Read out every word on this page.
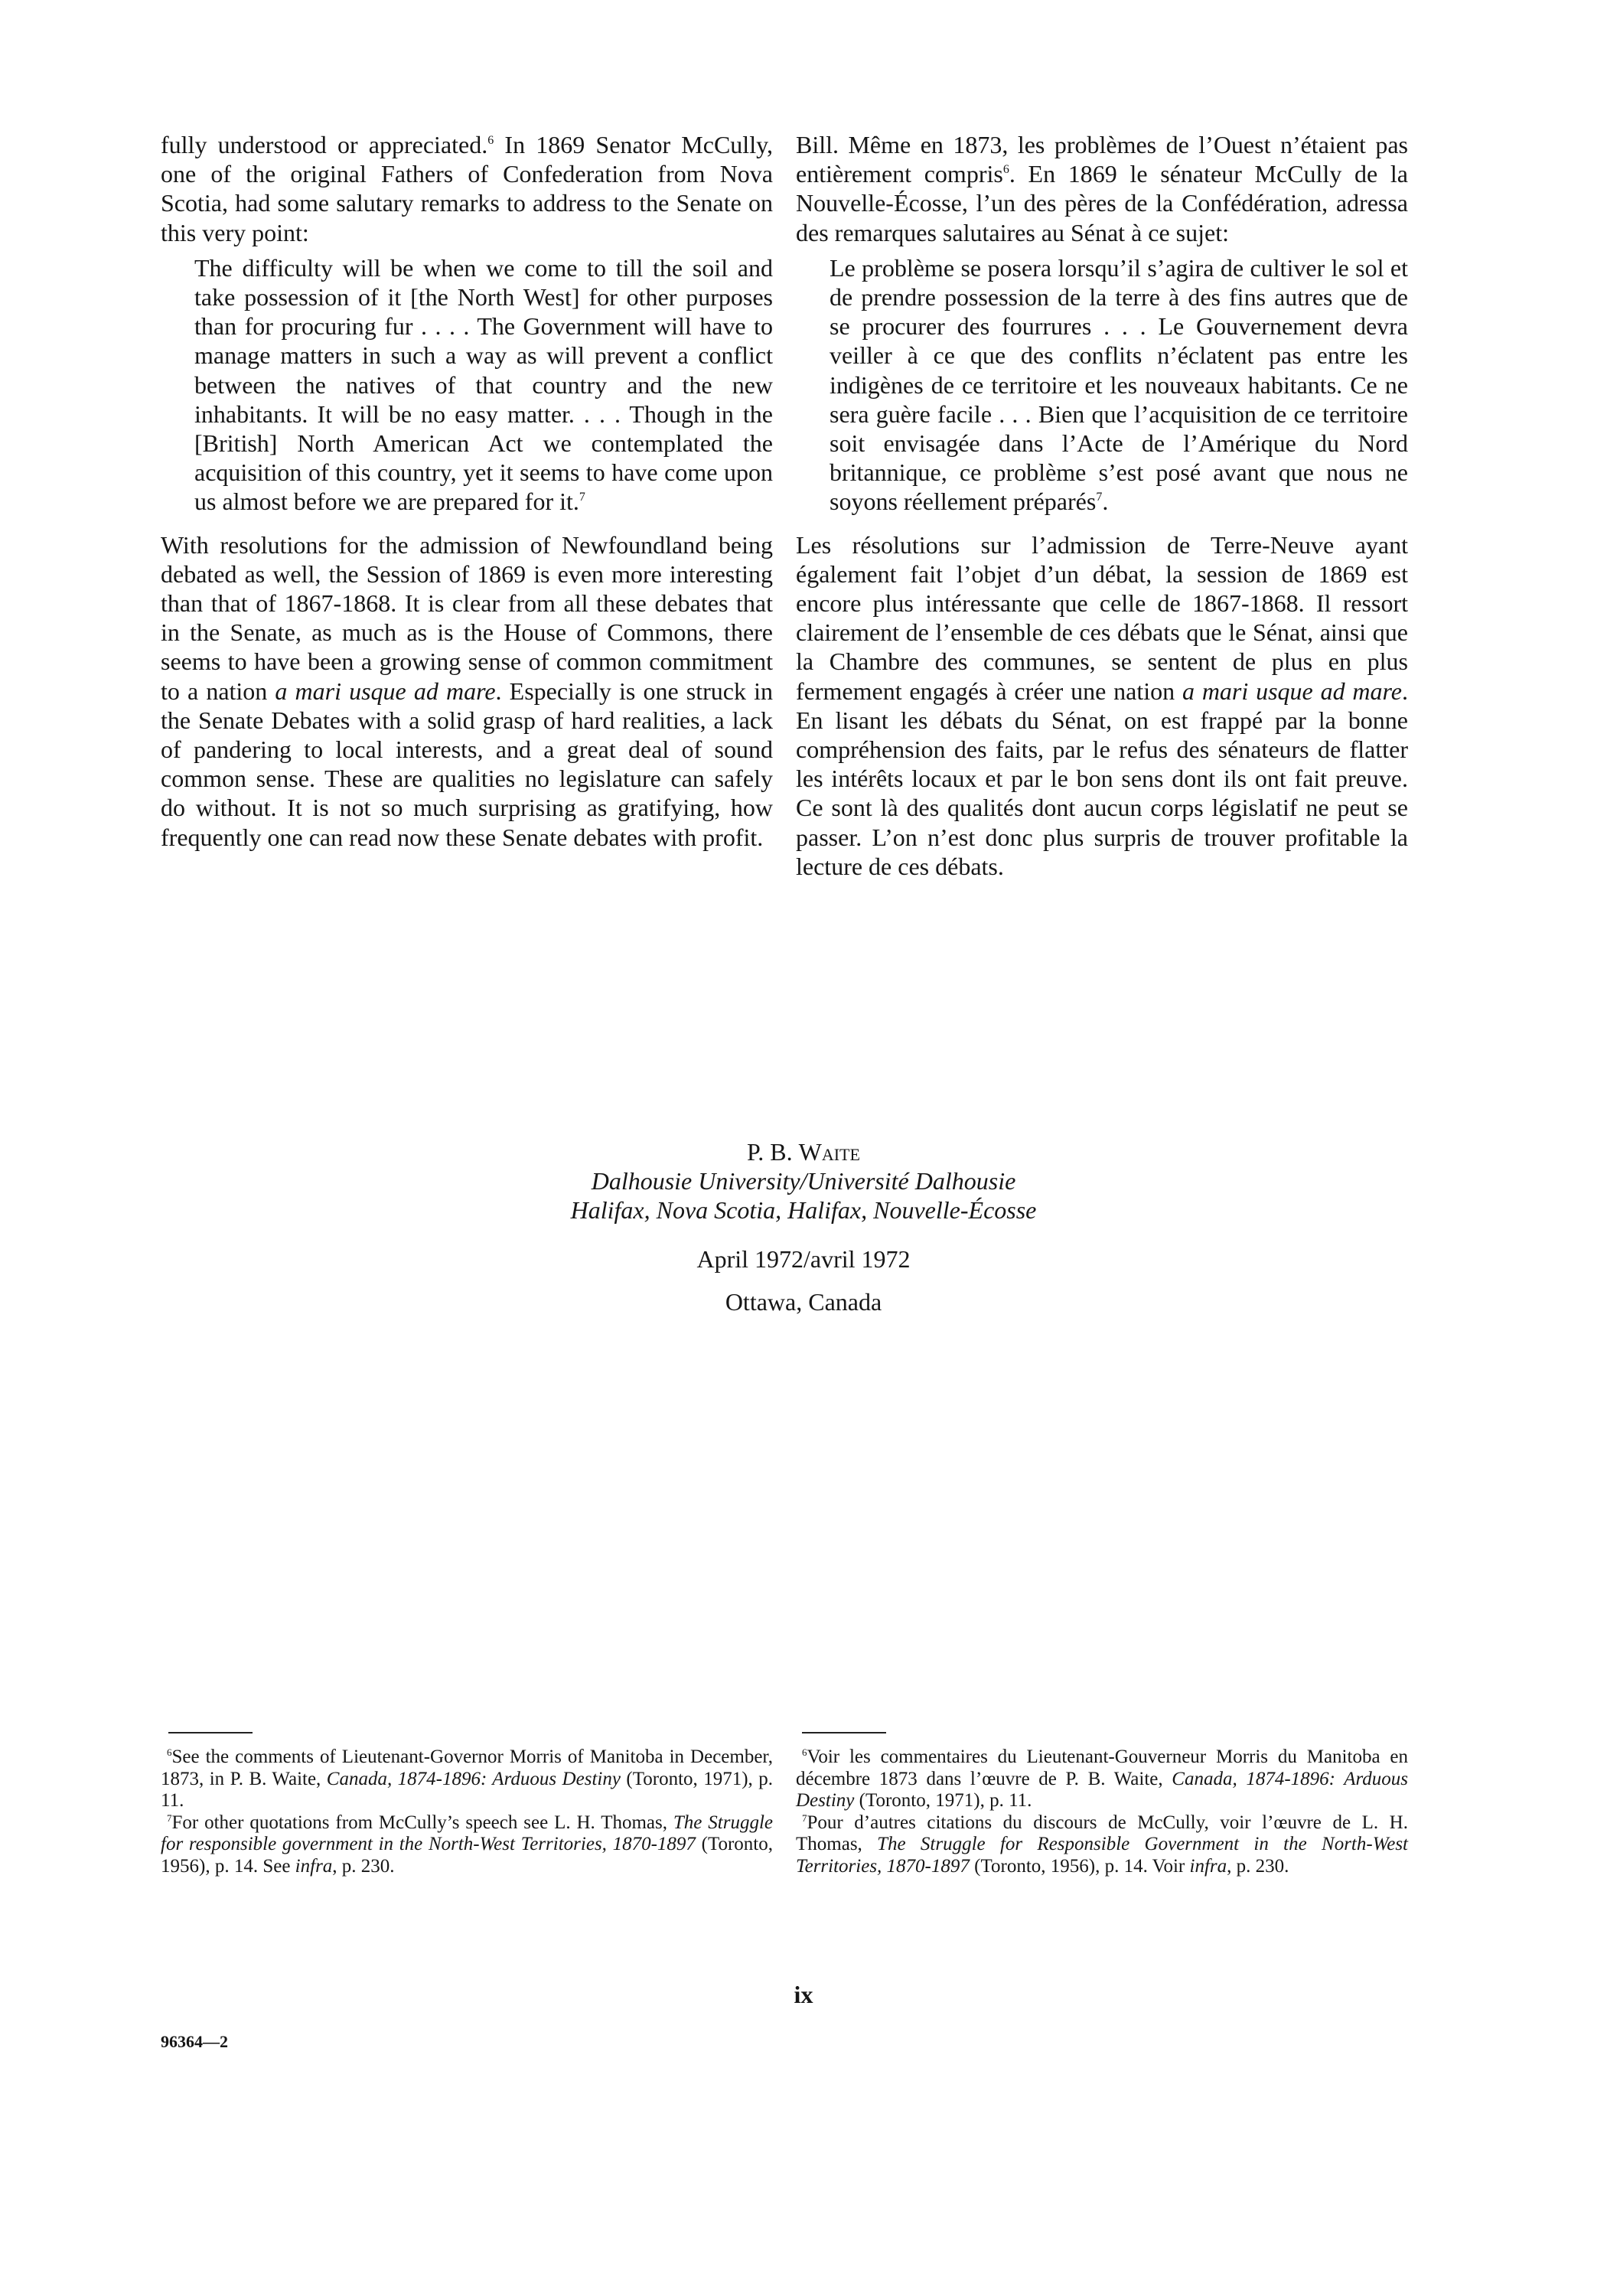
fully understood or appreciated.$^6$ In 1869 Senator McCully, one of the original Fathers of Confederation from Nova Scotia, had some salutary remarks to address to the Senate on this very point:

The difficulty will be when we come to till the soil and take possession of it [the North West] for other purposes than for procuring fur . . . . The Government will have to manage matters in such a way as will prevent a conflict between the natives of that country and the new inhabitants. It will be no easy matter. . . . Though in the [British] North American Act we contemplated the acquisition of this country, yet it seems to have come upon us almost before we are prepared for it.$^7$

With resolutions for the admission of Newfoundland being debated as well, the Session of 1869 is even more interesting than that of 1867-1868. It is clear from all these debates that in the Senate, as much as is the House of Commons, there seems to have been a growing sense of common commitment to a nation a mari usque ad mare. Especially is one struck in the Senate Debates with a solid grasp of hard realities, a lack of pandering to local interests, and a great deal of sound common sense. These are qualities no legislature can safely do without. It is not so much surprising as gratifying, how frequently one can read now these Senate debates with profit.

Bill. Même en 1873, les problèmes de l’Ouest n’étaient pas entièrement compris$^6$. En 1869 le sénateur McCully de la Nouvelle-Écosse, l’un des pères de la Confédération, adressa des remarques salutaires au Sénat à ce sujet:

Le problème se posera lorsqu’il s’agira de cultiver le sol et de prendre possession de la terre à des fins autres que de se procurer des fourrures . . . Le Gouvernement devra veiller à ce que des conflits n’éclatent pas entre les indigènes de ce territoire et les nouveaux habitants. Ce ne sera guère facile . . . Bien que l’acquisition de ce territoire soit envisagée dans l’Acte de l’Amérique du Nord britannique, ce problème s’est posé avant que nous ne soyons réellement préparés$^7$.

Les résolutions sur l’admission de Terre-Neuve ayant également fait l’objet d’un débat, la session de 1869 est encore plus intéressante que celle de 1867-1868. Il ressort clairement de l’ensemble de ces débats que le Sénat, ainsi que la Chambre des communes, se sentent de plus en plus fermement engagés à créer une nation a mari usque ad mare. En lisant les débats du Sénat, on est frappé par la bonne compréhension des faits, par le refus des sénateurs de flatter les intérêts locaux et par le bon sens dont ils ont fait preuve. Ce sont là des qualités dont aucun corps législatif ne peut se passer. L’on n’est donc plus surpris de trouver profitable la lecture de ces débats.

P. B. Waite

Dalhousie University/Université Dalhousie

Halifax, Nova Scotia, Halifax, Nouvelle-Écosse

April 1972/avril 1972

Ottawa, Canada

$^6$See the comments of Lieutenant-Governor Morris of Manitoba in December, 1873, in P. B. Waite, Canada, 1874-1896: Arduous Destiny (Toronto, 1971), p. 11.

$^7$For other quotations from McCully’s speech see L. H. Thomas, The Struggle for responsible government in the North-West Territories, 1870-1897 (Toronto, 1956), p. 14. See infra, p. 230.

$^6$Voir les commentaires du Lieutenant-Gouverneur Morris du Manitoba en décembre 1873 dans l’œuvre de P. B. Waite, Canada, 1874-1896: Arduous Destiny (Toronto, 1971), p. 11.

$^7$Pour d’autres citations du discours de McCully, voir l’œuvre de L. H. Thomas, The Struggle for Responsible Government in the North-West Territories, 1870-1897 (Toronto, 1956), p. 14. Voir infra, p. 230.

ix
96364—2
